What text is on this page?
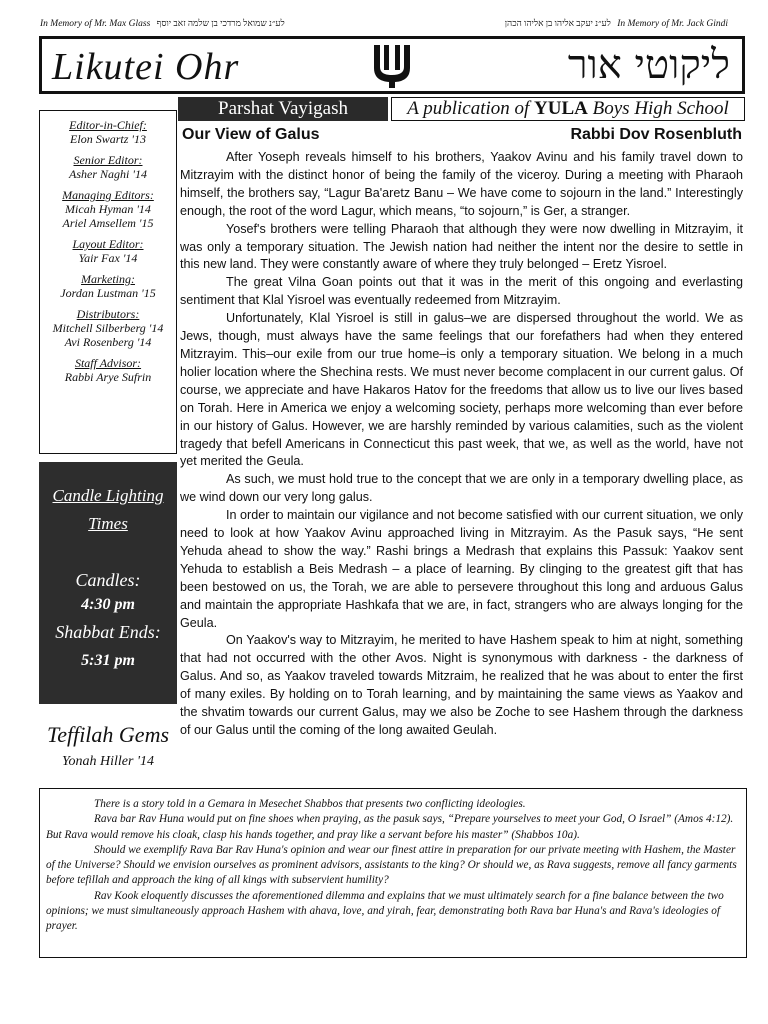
In Memory of Mr. Max Glass לע״נ שמואל מרדכי בן שלמה זאב יוסף	לע״נ יעקב אליהו בן אליהו הכהן In Memory of Mr. Jack Gindi
Likutei Ohr	ליקוטי אור
Parshat Vayigash	A publication of YULA Boys High School
Editor-in-Chief:
Elon Swartz '13
Senior Editor:
Asher Naghi '14
Managing Editors:
Micah Hyman '14
Ariel Amsellem '15
Layout Editor:
Yair Fax '14
Marketing:
Jordan Lustman '15
Distributors:
Mitchell Silberberg '14
Avi Rosenberg '14
Staff Advisor:
Rabbi Arye Sufrin
Candle Lighting Times
Candles:
4:30 pm
Shabbat Ends:
5:31 pm
Teffilah Gems
Yonah Hiller '14
Our View of Galus	Rabbi Dov Rosenbluth

After Yoseph reveals himself to his brothers, Yaakov Avinu and his family travel down to Mitzrayim with the distinct honor of being the family of the viceroy. During a meeting with Pharaoh himself, the brothers say, “Lagur Ba'aretz Banu – We have come to sojourn in the land.” Interestingly enough, the root of the word Lagur, which means, “to sojourn,” is Ger, a stranger.

Yosef's brothers were telling Pharaoh that although they were now dwelling in Mitzrayim, it was only a temporary situation. The Jewish nation had neither the intent nor the desire to settle in this new land. They were constantly aware of where they truly belonged – Eretz Yisroel.

The great Vilna Goan points out that it was in the merit of this ongoing and everlasting sentiment that Klal Yisroel was eventually redeemed from Mitzrayim.

Unfortunately, Klal Yisroel is still in galus–we are dispersed throughout the world. We as Jews, though, must always have the same feelings that our forefathers had when they entered Mitzrayim. This–our exile from our true home–is only a temporary situation. We belong in a much holier location where the Shechina rests. We must never become complacent in our current galus. Of course, we appreciate and have Hakaros Hatov for the freedoms that allow us to live our lives based on Torah. Here in America we enjoy a welcoming society, perhaps more welcoming than ever before in our history of Galus. However, we are harshly reminded by various calamities, such as the violent tragedy that befell Americans in Connecticut this past week, that we, as well as the world, have not yet merited the Geula.

As such, we must hold true to the concept that we are only in a temporary dwelling place, as we wind down our very long galus.

In order to maintain our vigilance and not become satisfied with our current situation, we only need to look at how Yaakov Avinu approached living in Mitzrayim. As the Pasuk says, “He sent Yehuda ahead to show the way.” Rashi brings a Medrash that explains this Passuk: Yaakov sent Yehuda to establish a Beis Medrash – a place of learning. By clinging to the greatest gift that has been bestowed on us, the Torah, we are able to persevere throughout this long and arduous Galus and maintain the appropriate Hashkafa that we are, in fact, strangers who are always longing for the Geula.

On Yaakov's way to Mitzrayim, he merited to have Hashem speak to him at night, something that had not occurred with the other Avos. Night is synonymous with darkness - the darkness of Galus. And so, as Yaakov traveled towards Mitzraim, he realized that he was about to enter the first of many exiles. By holding on to Torah learning, and by maintaining the same views as Yaakov and the shvatim towards our current Galus, may we also be Zoche to see Hashem through the darkness of our Galus until the coming of the long awaited Geulah.

There is a story told in a Gemara in Mesechet Shabbos that presents two conflicting ideologies.

Rava bar Rav Huna would put on fine shoes when praying, as the pasuk says, “Prepare yourselves to meet your God, O Israel” (Amos 4:12). But Rava would remove his cloak, clasp his hands together, and pray like a servant before his master” (Shabbos 10a).

Should we exemplify Rava Bar Rav Huna's opinion and wear our finest attire in preparation for our private meeting with Hashem, the Master of the Universe? Should we envision ourselves as prominent advisors, assistants to the king? Or should we, as Rava suggests, remove all fancy garments before tefillah and approach the king of all kings with subservient humility?

Rav Kook eloquently discusses the aforementioned dilemma and explains that we must ultimately search for a fine balance between the two opinions; we must simultaneously approach Hashem with ahava, love, and yirah, fear, demonstrating both Rava bar Huna's and Rava's ideologies of prayer.
